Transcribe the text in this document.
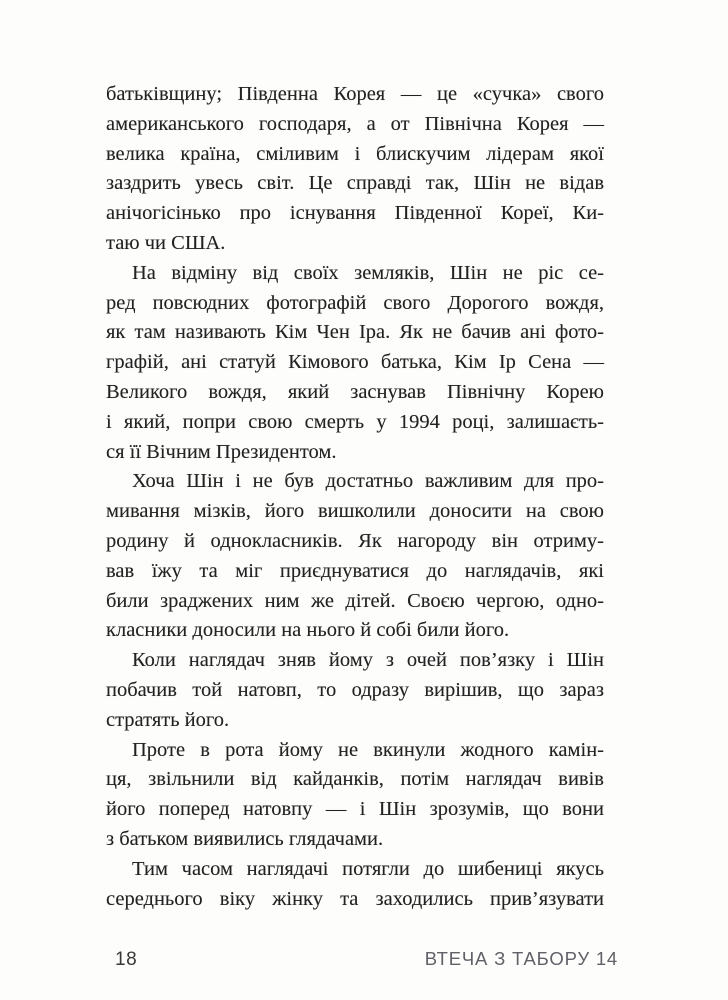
батьківщину; Південна Корея — це «сучка» свого
американського господаря, а от Північна Корея —
велика країна, сміливим і блискучим лідерам якої
заздрить увесь світ. Це справді так, Шін не відав
анічогісінько про існування Південної Кореї, Ки-
таю чи США.
На відміну від своїх земляків, Шін не ріс се-
ред повсюдних фотографій свого Дорогого вождя,
як там називають Кім Чен Іра. Як не бачив ані фото-
графій, ані статуй Кімового батька, Кім Ір Сена —
Великого вождя, який заснував Північну Корею
і який, попри свою смерть у 1994 році, залишаєть-
ся її Вічним Президентом.
Хоча Шін і не був достатньо важливим для про-
мивання мізків, його вишколили доносити на свою
родину й однокласників. Як нагороду він отриму-
вав їжу та міг приєднуватися до наглядачів, які
били зраджених ним же дітей. Своєю чергою, одно-
класники доносили на нього й собі били його.
Коли наглядач зняв йому з очей пов’язку і Шін
побачив той натовп, то одразу вирішив, що зараз
стратять його.
Проте в рота йому не вкинули жодного камін-
ця, звільнили від кайданків, потім наглядач вивів
його поперед натовпу — і Шін зрозумів, що вони
з батьком виявились глядачами.
Тим часом наглядачі потягли до шибениці якусь
середнього віку жінку та заходились прив’язувати
18	ВТЕЧА З ТАБОРУ 14
